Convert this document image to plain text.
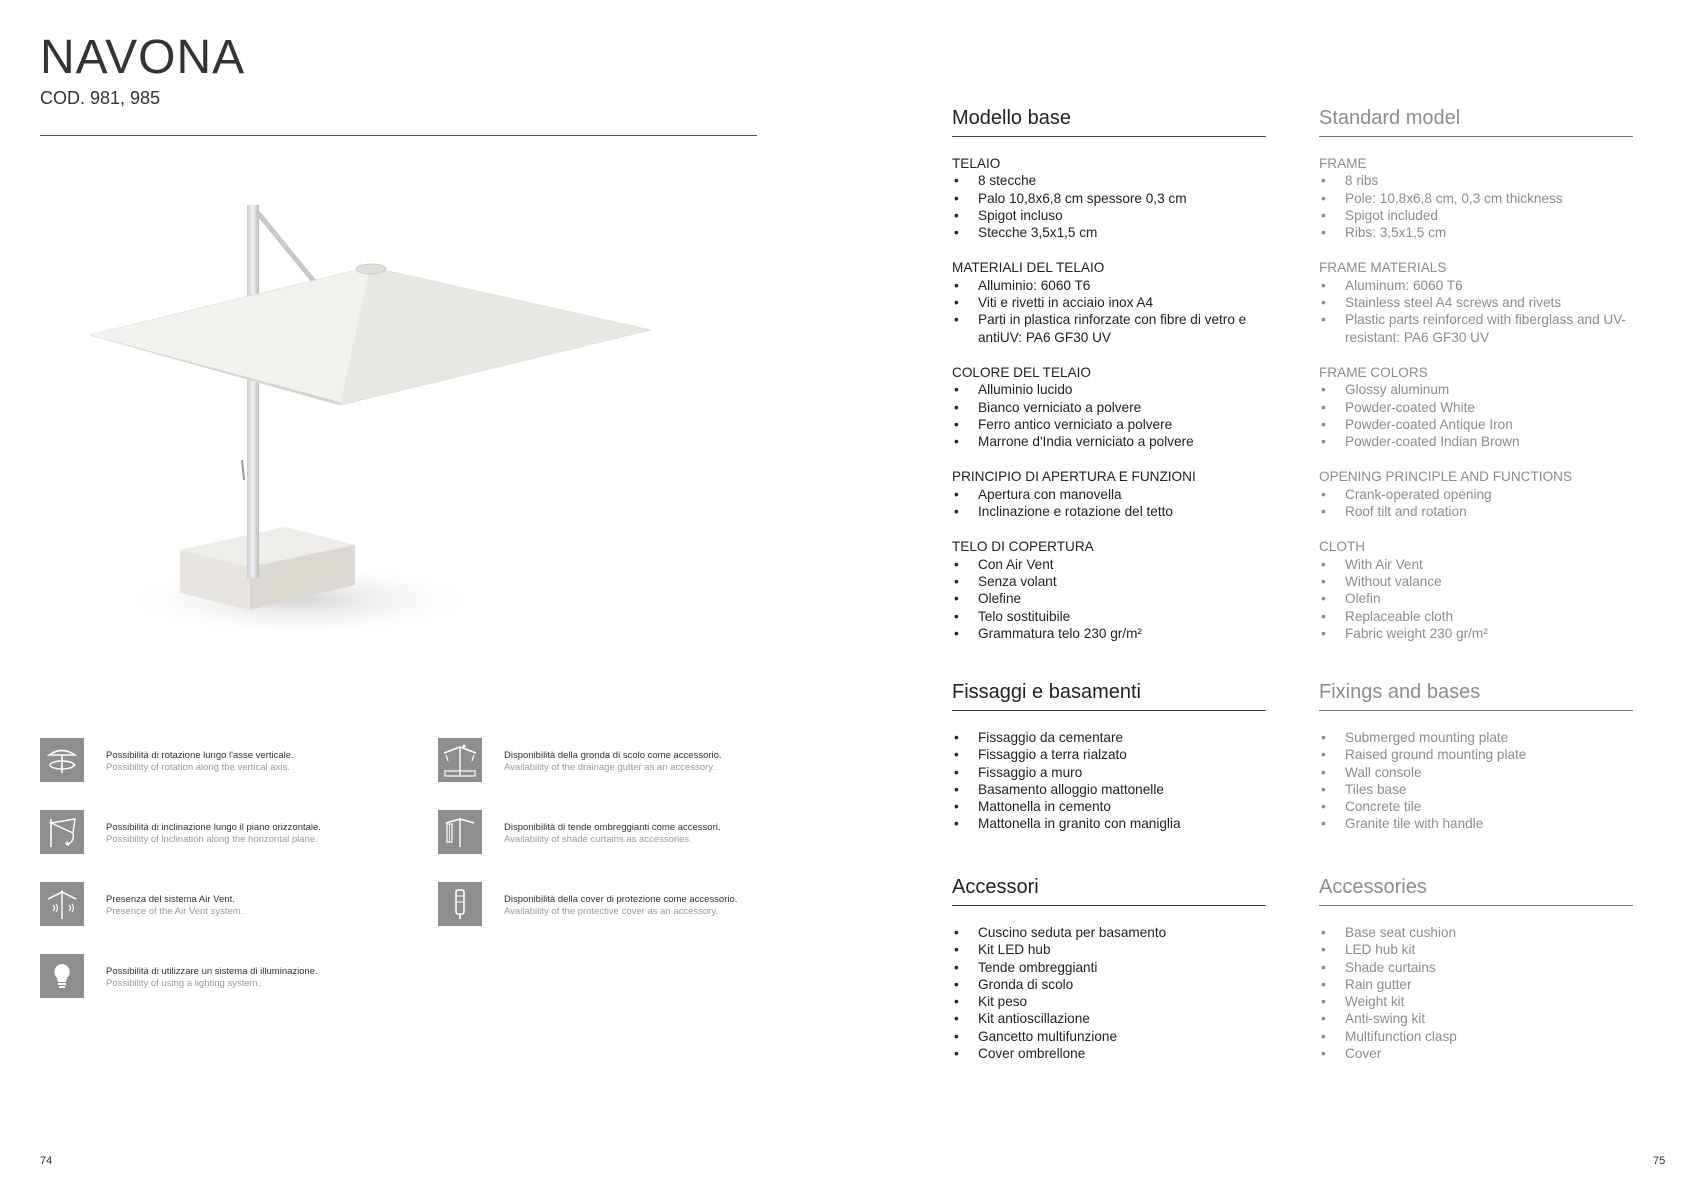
NAVONA
COD. 981, 985
Possibilità di rotazione lungo l'asse verticale.
Possibility of rotation along the vertical axis.
Disponibilità della gronda di scolo come accessorio.
Availability of the drainage gutter as an accessory.
Possibilità di inclinazione lungo il piano orizzontale.
Possibility of inclination along the horizontal plane.
Disponibilità di tende ombreggianti come accessori.
Availability of shade curtains as accessories.
Presenza del sistema Air Vent.
Presence of the Air Vent system.
Disponibilità della cover di protezione come accessorio.
Availability of the protective cover as an accessory.
Possibilità di utilizzare un sistema di illuminazione.
Possibility of using a lighting system.
74
Modello base
TELAIO
• 8 stecche
• Palo 10,8x6,8 cm spessore 0,3 cm
• Spigot incluso
• Stecche 3,5x1,5 cm
MATERIALI DEL TELAIO
• Alluminio: 6060 T6
• Viti e rivetti in acciaio inox A4
• Parti in plastica rinforzate con fibre di vetro e antiUV: PA6 GF30 UV
COLORE DEL TELAIO
• Alluminio lucido
• Bianco verniciato a polvere
• Ferro antico verniciato a polvere
• Marrone d'India verniciato a polvere
PRINCIPIO DI APERTURA E FUNZIONI
• Apertura con manovella
• Inclinazione e rotazione del tetto
TELO DI COPERTURA
• Con Air Vent
• Senza volant
• Olefine
• Telo sostituibile
• Grammatura telo 230 gr/m²
Standard model
FRAME
• 8 ribs
• Pole: 10,8x6,8 cm, 0,3 cm thickness
• Spigot included
• Ribs: 3,5x1,5 cm
FRAME MATERIALS
• Aluminum: 6060 T6
• Stainless steel A4 screws and rivets
• Plastic parts reinforced with fiberglass and UV-resistant: PA6 GF30 UV
FRAME COLORS
• Glossy aluminum
• Powder-coated White
• Powder-coated Antique Iron
• Powder-coated Indian Brown
OPENING PRINCIPLE AND FUNCTIONS
• Crank-operated opening
• Roof tilt and rotation
CLOTH
• With Air Vent
• Without valance
• Olefin
• Replaceable cloth
• Fabric weight 230 gr/m²
Fissaggi e basamenti
• Fissaggio da cementare
• Fissaggio a terra rialzato
• Fissaggio a muro
• Basamento alloggio mattonelle
• Mattonella in cemento
• Mattonella in granito con maniglia
Fixings and bases
• Submerged mounting plate
• Raised ground mounting plate
• Wall console
• Tiles base
• Concrete tile
• Granite tile with handle
Accessori
• Cuscino seduta per basamento
• Kit LED hub
• Tende ombreggianti
• Gronda di scolo
• Kit peso
• Kit antioscillazione
• Gancetto multifunzione
• Cover ombrellone
Accessories
• Base seat cushion
• LED hub kit
• Shade curtains
• Rain gutter
• Weight kit
• Anti-swing kit
• Multifunction clasp
• Cover
75
